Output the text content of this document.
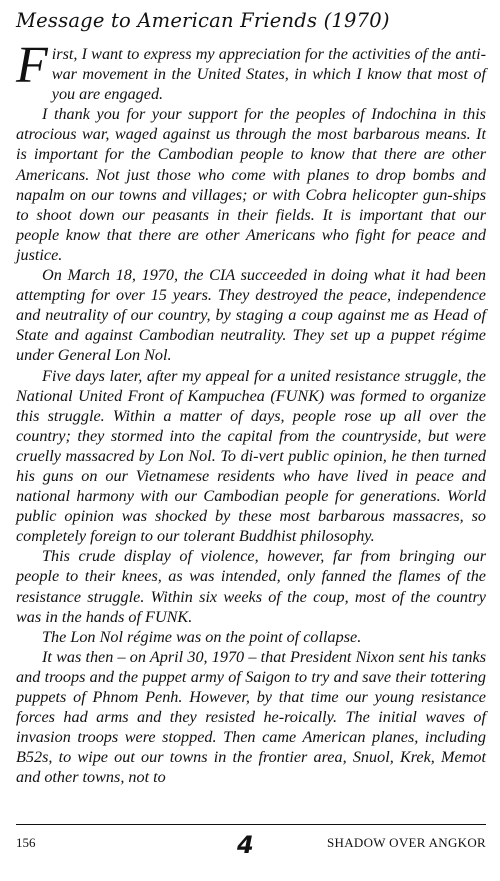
Message to American Friends (1970)

First, I want to express my appreciation for the activities of the anti-war movement in the United States, in which I know that most of you are engaged.

I thank you for your support for the peoples of Indochina in this atrocious war, waged against us through the most barbarous means. It is important for the Cambodian people to know that there are other Americans. Not just those who come with planes to drop bombs and napalm on our towns and villages; or with Cobra helicopter gun-ships to shoot down our peasants in their fields. It is important that our people know that there are other Americans who fight for peace and justice.

On March 18, 1970, the CIA succeeded in doing what it had been attempting for over 15 years. They destroyed the peace, independence and neutrality of our country, by staging a coup against me as Head of State and against Cambodian neutrality. They set up a puppet régime under General Lon Nol.

Five days later, after my appeal for a united resistance struggle, the National United Front of Kampuchea (FUNK) was formed to organize this struggle. Within a matter of days, people rose up all over the country; they stormed into the capital from the countryside, but were cruelly massacred by Lon Nol. To di-vert public opinion, he then turned his guns on our Vietnamese residents who have lived in peace and national harmony with our Cambodian people for generations. World public opinion was shocked by these most barbarous massacres, so completely foreign to our tolerant Buddhist philosophy.

This crude display of violence, however, far from bringing our people to their knees, as was intended, only fanned the flames of the resistance struggle. Within six weeks of the coup, most of the country was in the hands of FUNK.

The Lon Nol régime was on the point of collapse.

It was then – on April 30, 1970 – that President Nixon sent his tanks and troops and the puppet army of Saigon to try and save their tottering puppets of Phnom Penh. However, by that time our young resistance forces had arms and they resisted he-roically. The initial waves of invasion troops were stopped. Then came American planes, including B52s, to wipe out our towns in the frontier area, Snuol, Krek, Memot and other towns, not to

156	4	SHADOW OVER ANGKOR
